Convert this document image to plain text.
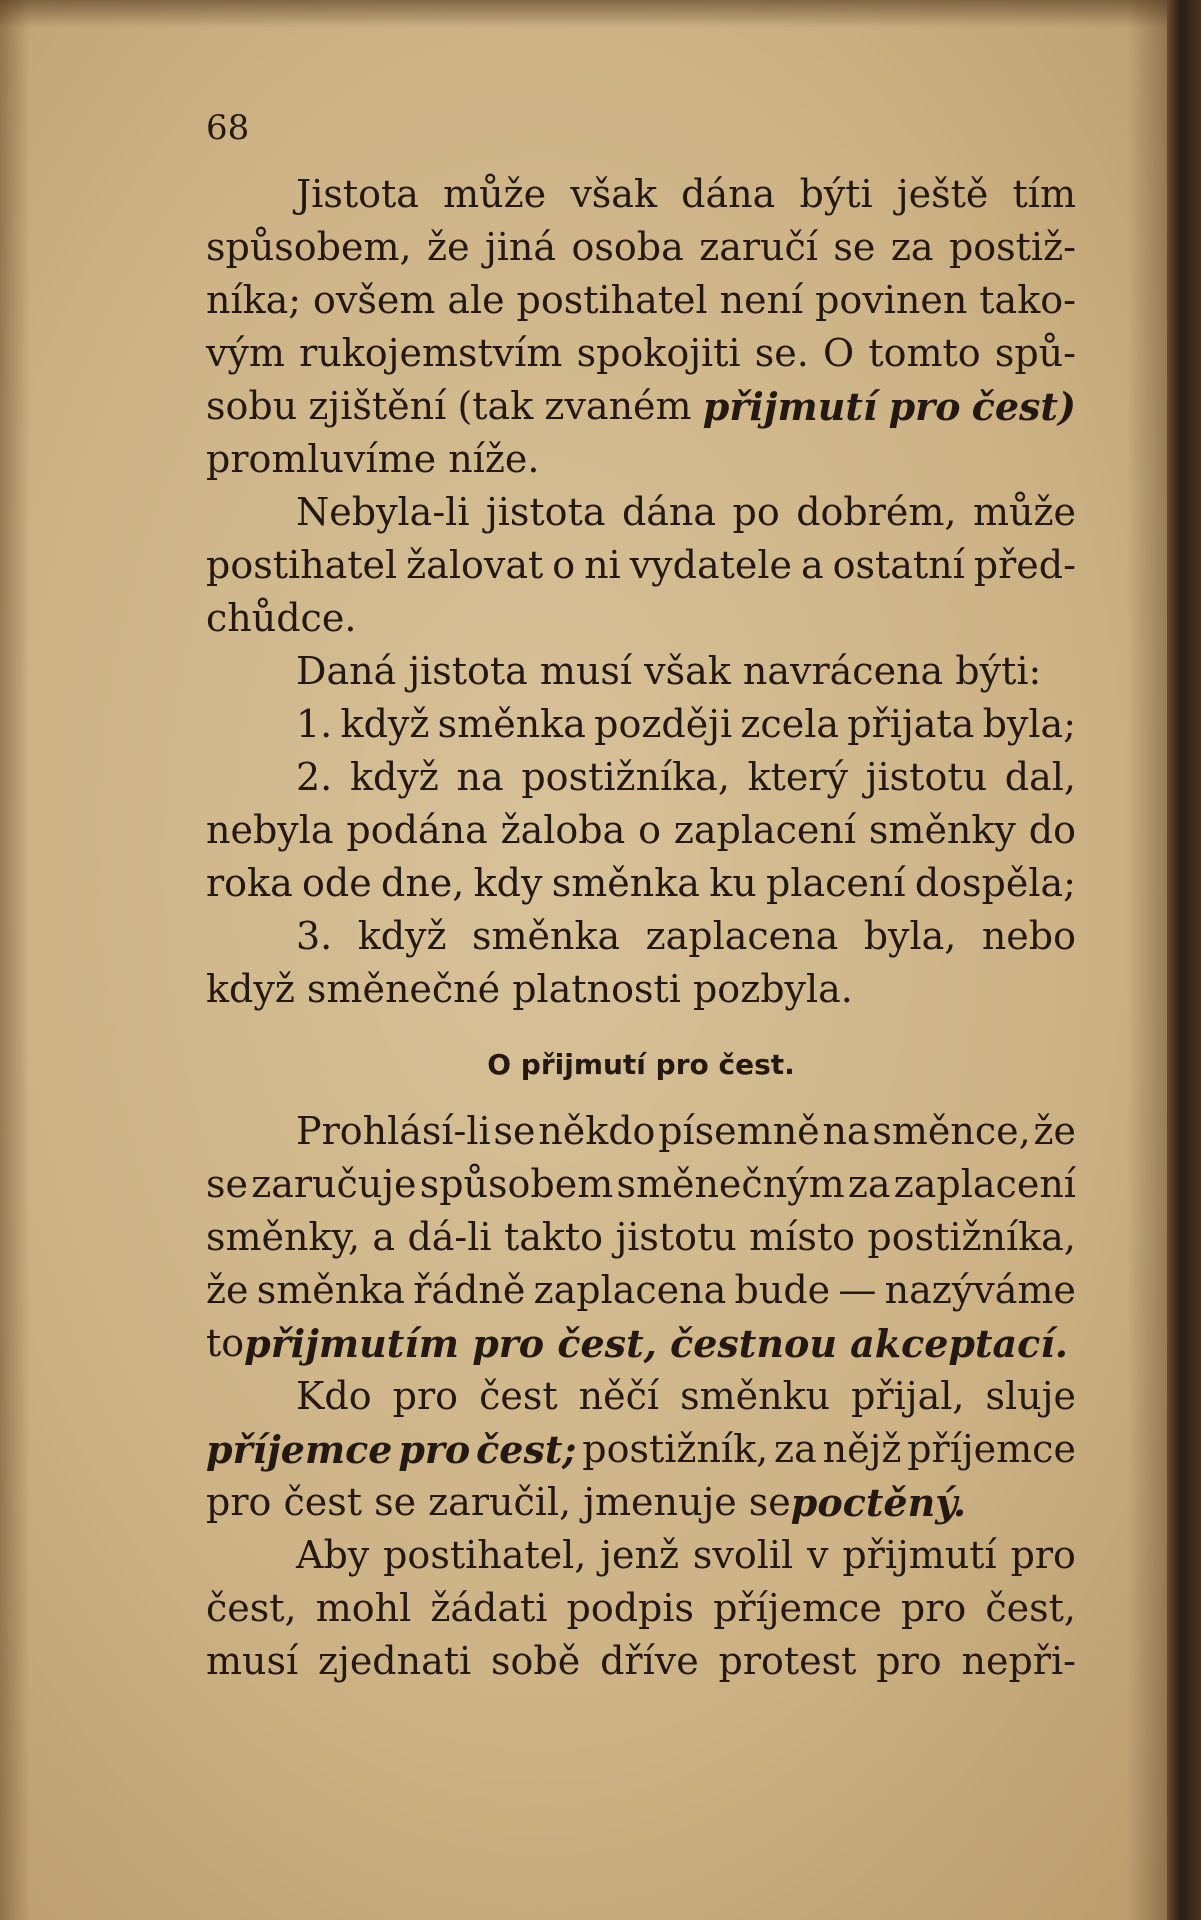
68
Jistota může však dána býti ještě tím
spůsobem, že jiná osoba zaručí se za postiž-
níka; ovšem ale postihatel není povinen tako-
vým rukojemstvím spokojiti se. O tomto spů-
sobu zjištění (tak zvaném přijmutí pro čest)
promluvíme níže.
Nebyla-li jistota dána po dobrém, může
postihatel žalovat o ni vydatele a ostatní před-
chůdce.
Daná jistota musí však navrácena býti:
1. když směnka později zcela přijata byla;
2. když na postižníka, který jistotu dal,
nebyla podána žaloba o zaplacení směnky do
roka ode dne, kdy směnka ku placení dospěla;
3. když směnka zaplacena byla, nebo
když směnečné platnosti pozbyla.
O přijmutí pro čest.
Prohlásí-li se někdo písemně na směnce, že
se zaručuje spůsobem směnečným za zaplacení
směnky, a dá-li takto jistotu místo postižníka,
že směnka řádně zaplacena bude — nazýváme
to přijmutím pro čest, čestnou akceptací.
Kdo pro čest něčí směnku přijal, sluje
příjemce pro čest; postižník, za nějž příjemce
pro čest se zaručil, jmenuje se poctěný.
Aby postihatel, jenž svolil v přijmutí pro
čest, mohl žádati podpis příjemce pro čest,
musí zjednati sobě dříve protest pro nepři-
